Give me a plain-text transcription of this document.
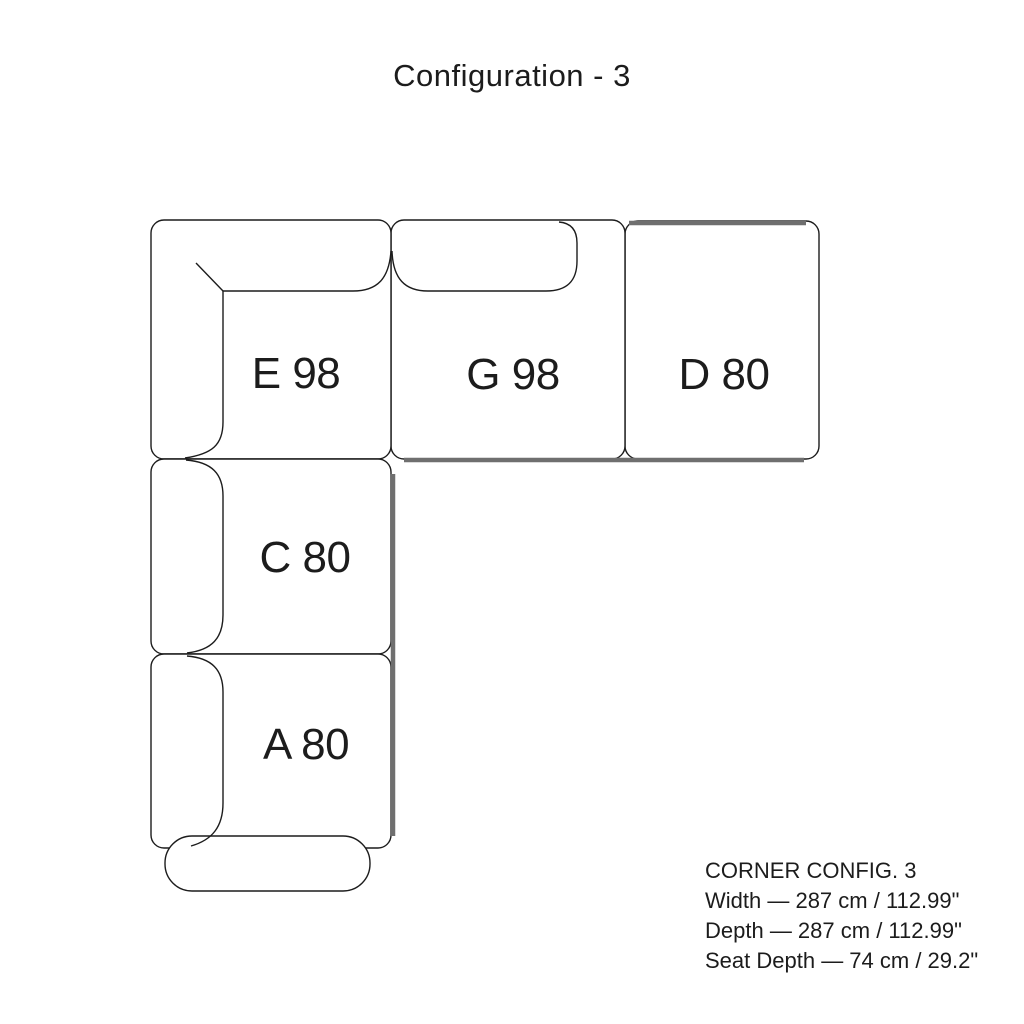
Configuration - 3
E 98	G 98	D 80
C 80
A 80
CORNER CONFIG. 3
Width — 287 cm / 112.99"
Depth — 287 cm / 112.99"
Seat Depth — 74 cm / 29.2"
